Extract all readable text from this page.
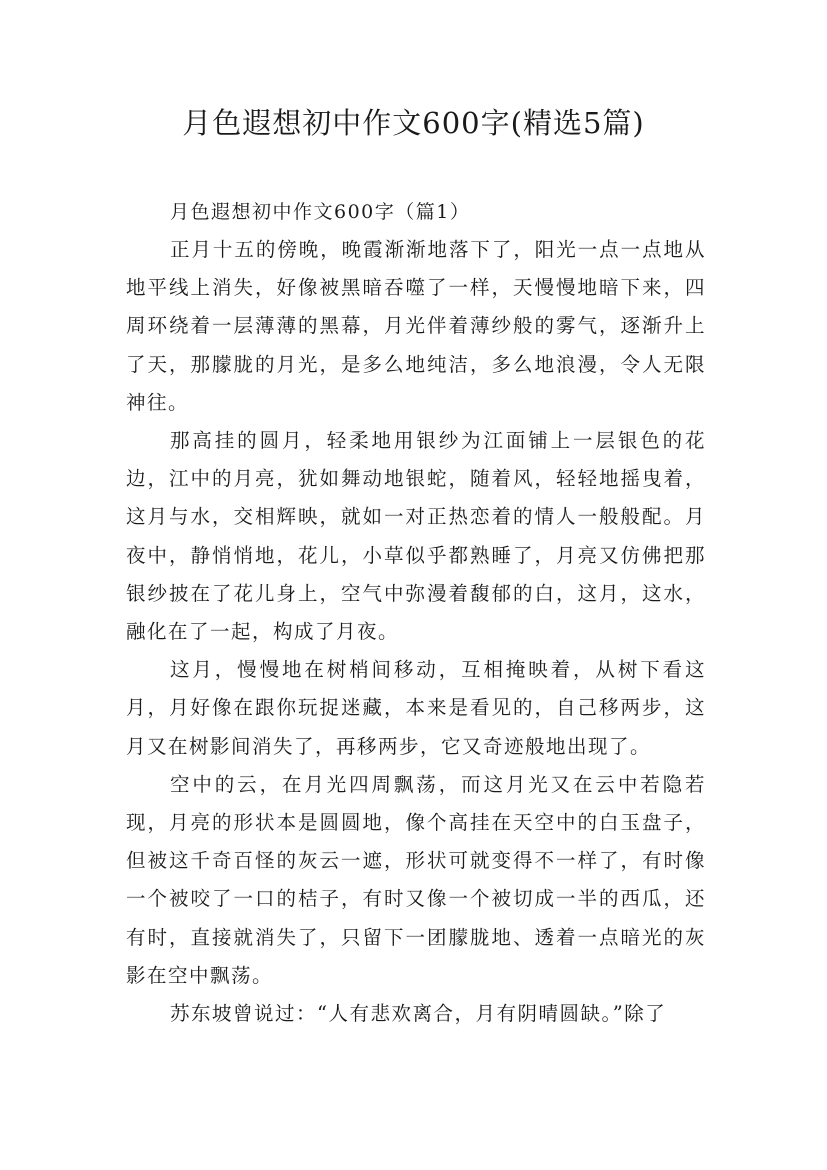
月色遐想初中作文600字(精选5篇)

月色遐想初中作文600字（篇1）

正月十五的傍晚，晚霞渐渐地落下了，阳光一点一点地从地平线上消失，好像被黑暗吞噬了一样，天慢慢地暗下来，四周环绕着一层薄薄的黑幕，月光伴着薄纱般的雾气，逐渐升上了天，那朦胧的月光，是多么地纯洁，多么地浪漫，令人无限神往。

那高挂的圆月，轻柔地用银纱为江面铺上一层银色的花边，江中的月亮，犹如舞动地银蛇，随着风，轻轻地摇曳着，这月与水，交相辉映，就如一对正热恋着的情人一般般配。月夜中，静悄悄地，花儿，小草似乎都熟睡了，月亮又仿佛把那银纱披在了花儿身上，空气中弥漫着馥郁的白，这月，这水，融化在了一起，构成了月夜。

这月，慢慢地在树梢间移动，互相掩映着，从树下看这月，月好像在跟你玩捉迷藏，本来是看见的，自己移两步，这月又在树影间消失了，再移两步，它又奇迹般地出现了。

空中的云，在月光四周飘荡，而这月光又在云中若隐若现，月亮的形状本是圆圆地，像个高挂在天空中的白玉盘子，但被这千奇百怪的灰云一遮，形状可就变得不一样了，有时像一个被咬了一口的桔子，有时又像一个被切成一半的西瓜，还有时，直接就消失了，只留下一团朦胧地、透着一点暗光的灰影在空中飘荡。

苏东坡曾说过：“人有悲欢离合，月有阴晴圆缺。”除了
